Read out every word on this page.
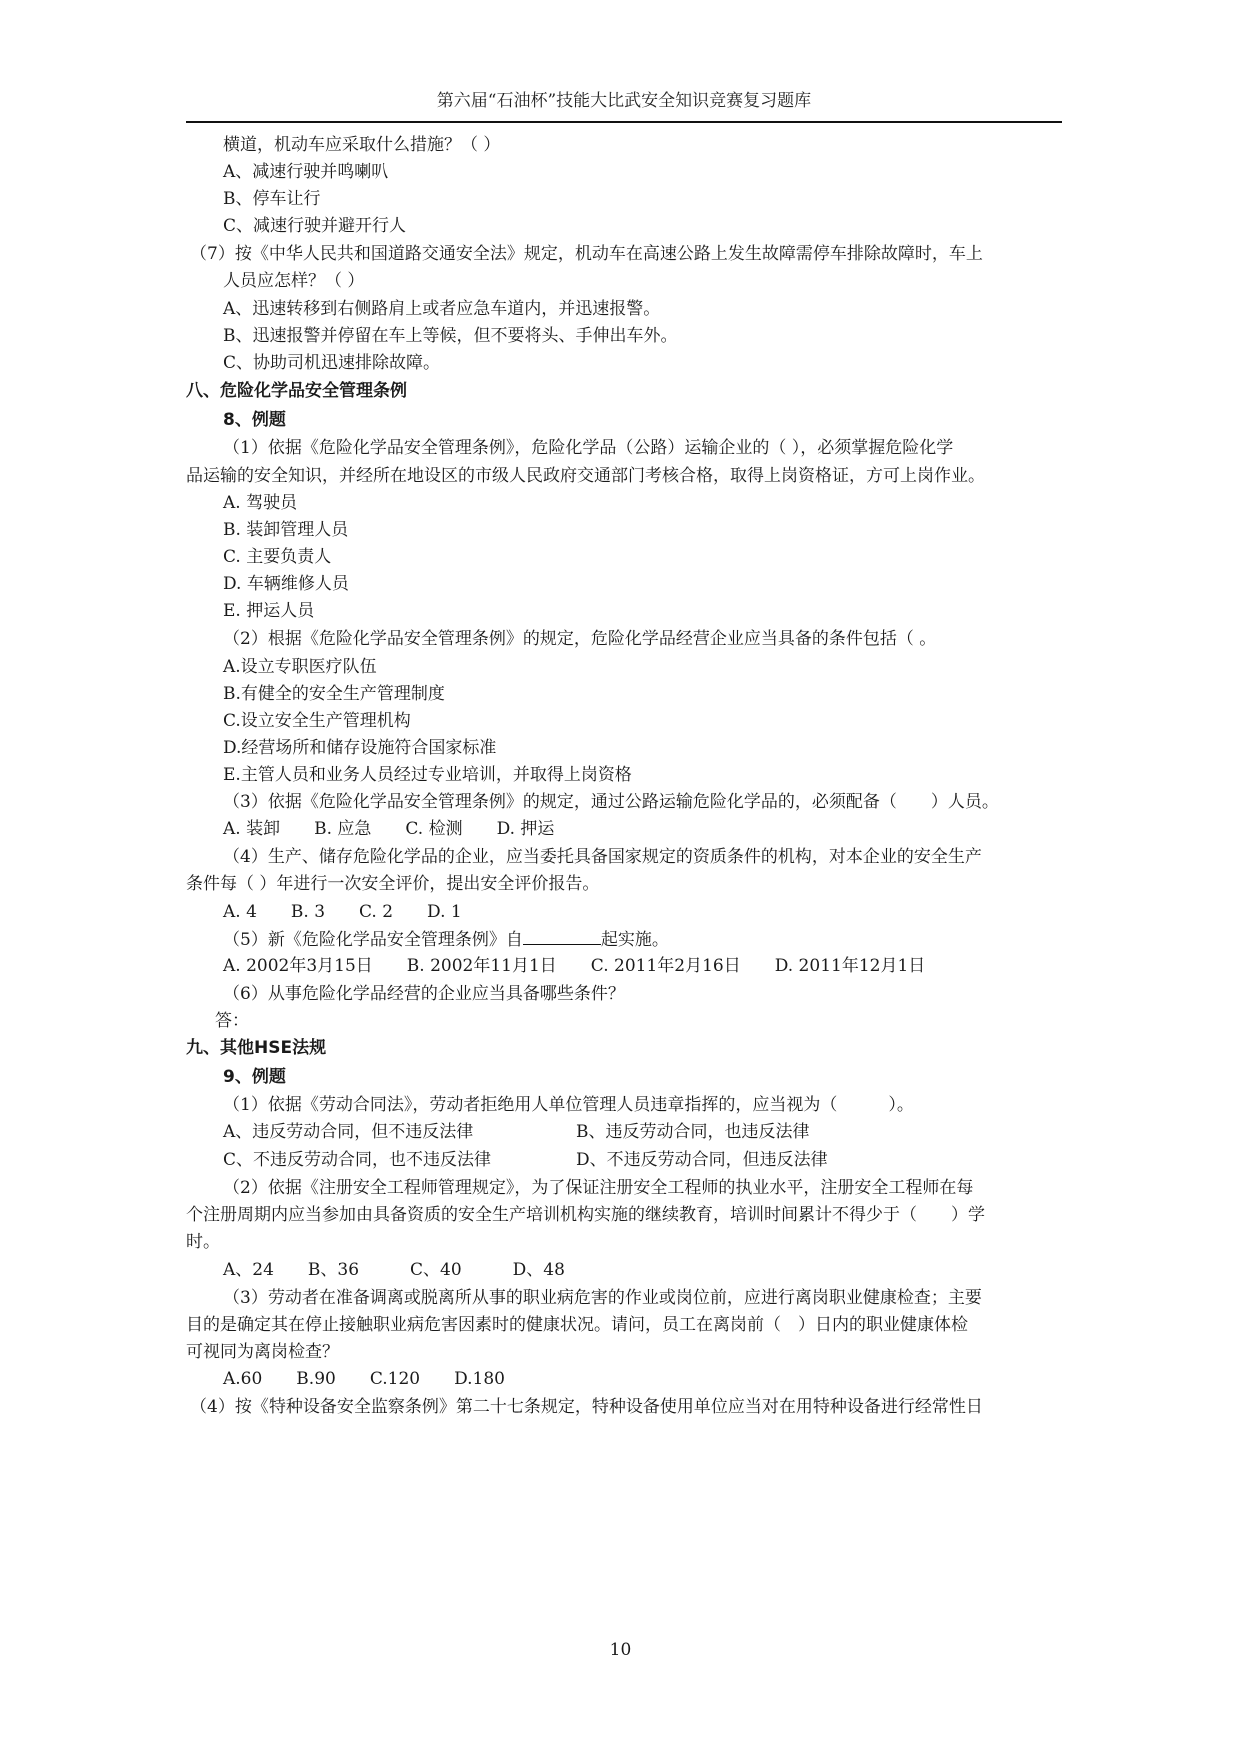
第六届“石油杯”技能大比武安全知识竞赛复习题库
横道，机动车应采取什么措施？（ ）
A、减速行驶并鸣喇叭
B、停车让行
C、减速行驶并避开行人
（7）按《中华人民共和国道路交通安全法》规定，机动车在高速公路上发生故障需停车排除故障时，车上
人员应怎样？（ ）
A、迅速转移到右侧路肩上或者应急车道内，并迅速报警。
B、迅速报警并停留在车上等候，但不要将头、手伸出车外。
C、协助司机迅速排除故障。
八、危险化学品安全管理条例
8、例题
（1）依据《危险化学品安全管理条例》，危险化学品（公路）运输企业的（ ），必须掌握危险化学
品运输的安全知识，并经所在地设区的市级人民政府交通部门考核合格，取得上岗资格证，方可上岗作业。
A. 驾驶员
B. 装卸管理人员
C. 主要负责人
D. 车辆维修人员
E. 押运人员
（2）根据《危险化学品安全管理条例》的规定，危险化学品经营企业应当具备的条件包括（ 。
A.设立专职医疗队伍
B.有健全的安全生产管理制度
C.设立安全生产管理机构
D.经营场所和储存设施符合国家标准
E.主管人员和业务人员经过专业培训，并取得上岗资格
（3）依据《危险化学品安全管理条例》的规定，通过公路运输危险化学品的，必须配备（　　）人员。
A. 装卸　　B. 应急　　C. 检测　　D. 押运
（4）生产、储存危险化学品的企业，应当委托具备国家规定的资质条件的机构，对本企业的安全生产
条件每（ ）年进行一次安全评价，提出安全评价报告。
A. 4　　B. 3　　C. 2　　D. 1
（5）新《危险化学品安全管理条例》自	起实施。
A. 2002年3月15日　　B. 2002年11月1日　　C. 2011年2月16日　　D. 2011年12月1日
（6）从事危险化学品经营的企业应当具备哪些条件？
答：
九、其他HSE法规
9、例题
（1）依据《劳动合同法》，劳动者拒绝用人单位管理人员违章指挥的，应当视为（　　　）。
A、违反劳动合同，但不违反法律	B、违反劳动合同，也违反法律
C、不违反劳动合同，也不违反法律	D、不违反劳动合同，但违反法律
（2）依据《注册安全工程师管理规定》，为了保证注册安全工程师的执业水平，注册安全工程师在每
个注册周期内应当参加由具备资质的安全生产培训机构实施的继续教育，培训时间累计不得少于（　　）学
时。
A、24　　B、36　　　C、40　　　D、48
（3）劳动者在准备调离或脱离所从事的职业病危害的作业或岗位前，应进行离岗职业健康检查；主要
目的是确定其在停止接触职业病危害因素时的健康状况。请问，员工在离岗前（　）日内的职业健康体检
可视同为离岗检查？
A.60　　B.90　　C.120　　D.180
（4）按《特种设备安全监察条例》第二十七条规定，特种设备使用单位应当对在用特种设备进行经常性日
10
